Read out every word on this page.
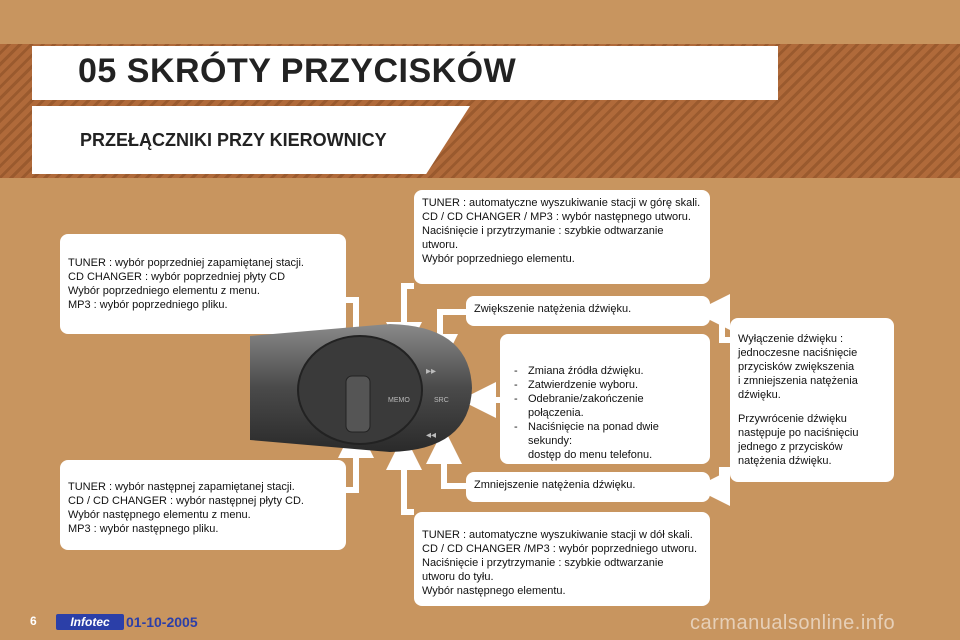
05 SKRÓTY PRZYCISKÓW
PRZEŁĄCZNIKI PRZY KIEROWNICY

TUNER : automatyczne wyszukiwanie stacji w górę skali.

CD / CD CHANGER / MP3 : wybór następnego utworu.

Naciśnięcie i przytrzymanie : szybkie odtwarzanie

utworu.

Wybór poprzedniego elementu.

TUNER : wybór poprzedniej zapamiętanej stacji.

CD CHANGER : wybór poprzedniej płyty CD

Wybór poprzedniego elementu z menu.

MP3 : wybór poprzedniego pliku.	Zwiększenie natężenia dźwięku.

- Zmiana źródła dźwięku.
- Zatwierdzenie wyboru.
- Odebranie/zakończenie połączenia.
- Naciśnięcie na ponad dwie sekundy:

dostęp do menu telefonu.

Wyłączenie dźwięku :

jednoczesne naciśnięcie

przycisków zwiększenia

i zmniejszenia natężenia

dźwięku.

Przywrócenie dźwięku

następuje po naciśnięciu

jednego z przycisków

natężenia dźwięku.

TUNER : wybór następnej zapamiętanej stacji.

CD / CD CHANGER : wybór następnej płyty CD.

Wybór następnego elementu z menu.

MP3 : wybór następnego pliku.

Zmniejszenie natężenia dźwięku.

TUNER : automatyczne wyszukiwanie stacji w dół skali.

CD / CD CHANGER /MP3 : wybór poprzedniego utworu.

Naciśnięcie i przytrzymanie : szybkie odtwarzanie

utworu do tyłu.

Wybór następnego elementu.

MEMO	SRC
▸▸
◂◂
6	Infotec	01-10-2005	carmanualsonline.info
